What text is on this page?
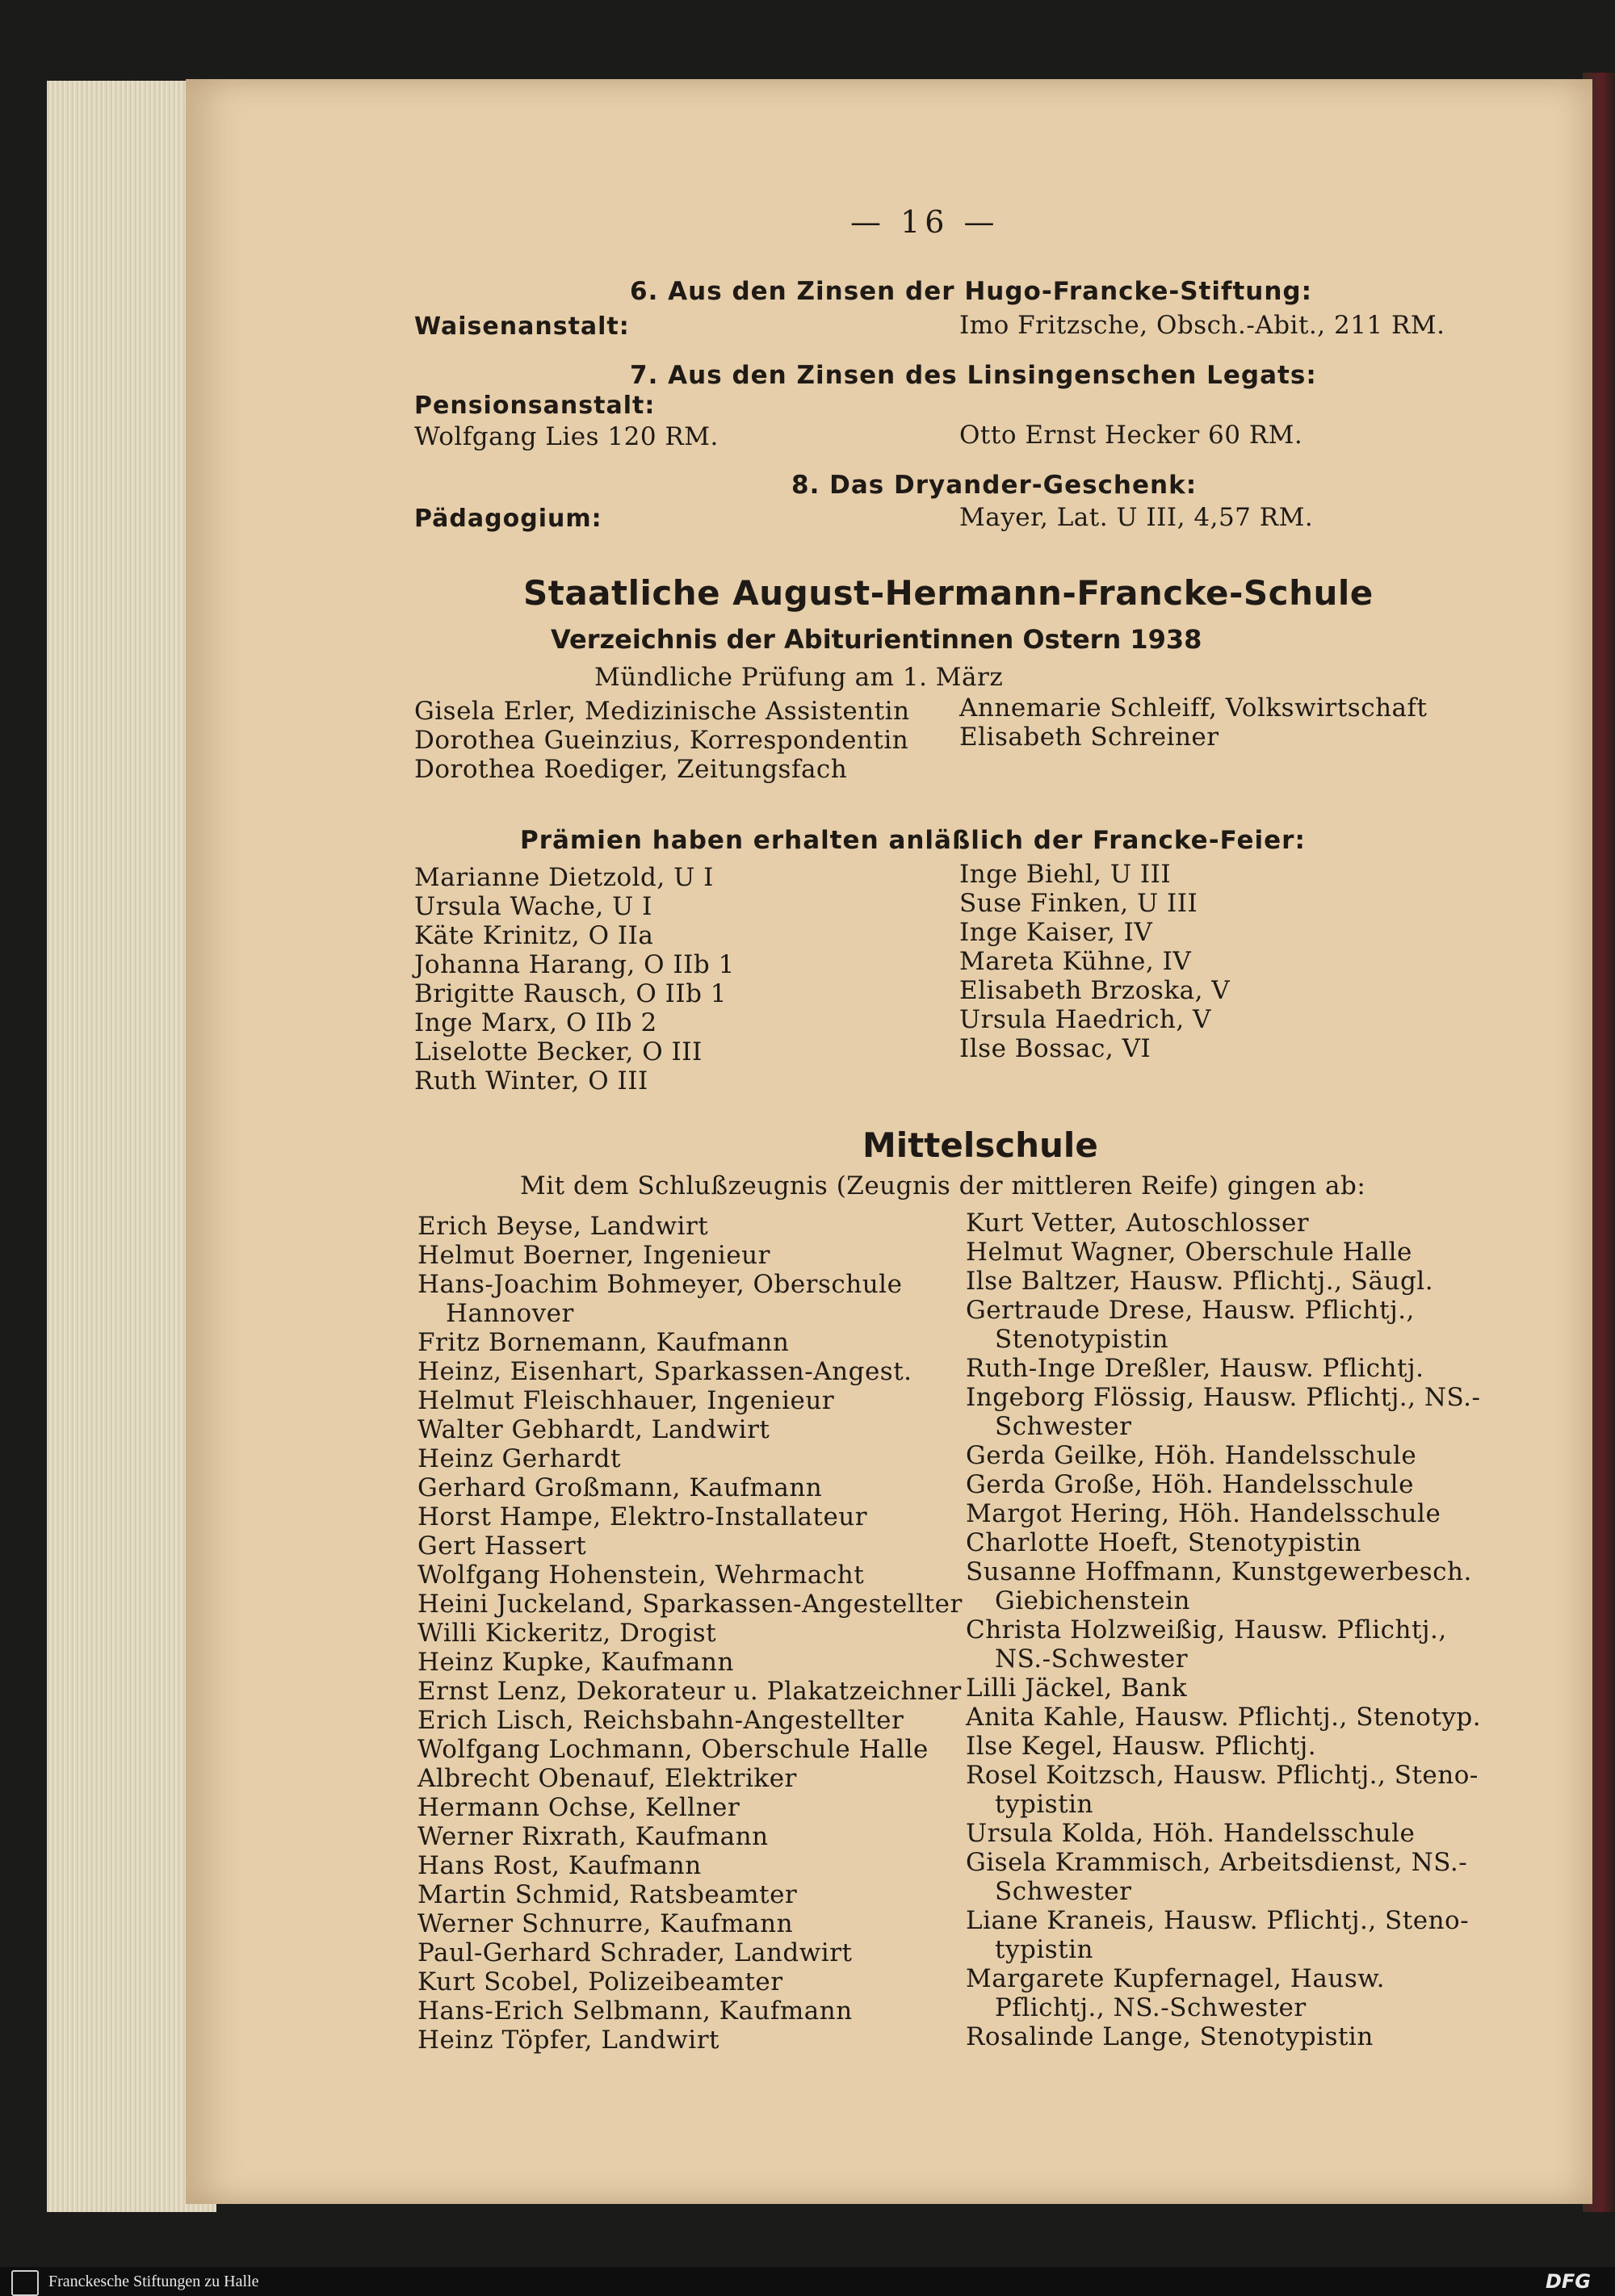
— 16 —
6. Aus den Zinsen der Hugo-Francke-Stiftung:
Waisenanstalt:	Imo Fritzsche, Obsch.-Abit., 211 RM.
7. Aus den Zinsen des Linsingenschen Legats:
Pensionsanstalt:
Wolfgang Lies 120 RM.	Otto Ernst Hecker 60 RM.
8. Das Dryander-Geschenk:
Pädagogium:	Mayer, Lat. U III, 4,57 RM.
Staatliche August-Hermann-Francke-Schule
Verzeichnis der Abiturientinnen Ostern 1938
Mündliche Prüfung am 1. März
Gisela Erler, Medizinische Assistentin
Dorothea Gueinzius, Korrespondentin
Dorothea Roediger, Zeitungsfach
Annemarie Schleiff, Volkswirtschaft
Elisabeth Schreiner
Prämien haben erhalten anläßlich der Francke-Feier:
Marianne Dietzold, U I
Ursula Wache, U I
Käte Krinitz, O IIa
Johanna Harang, O IIb 1
Brigitte Rausch, O IIb 1
Inge Marx, O IIb 2
Liselotte Becker, O III
Ruth Winter, O III
Inge Biehl, U III
Suse Finken, U III
Inge Kaiser, IV
Mareta Kühne, IV
Elisabeth Brzoska, V
Ursula Haedrich, V
Ilse Bossac, VI
Mittelschule
Mit dem Schlußzeugnis (Zeugnis der mittleren Reife) gingen ab:
Erich Beyse, Landwirt
Helmut Boerner, Ingenieur
Hans-Joachim Bohmeyer, Oberschule
Hannover
Fritz Bornemann, Kaufmann
Heinz, Eisenhart, Sparkassen-Angest.
Helmut Fleischhauer, Ingenieur
Walter Gebhardt, Landwirt
Heinz Gerhardt
Gerhard Großmann, Kaufmann
Horst Hampe, Elektro-Installateur
Gert Hassert
Wolfgang Hohenstein, Wehrmacht
Heini Juckeland, Sparkassen-Angestellter
Willi Kickeritz, Drogist
Heinz Kupke, Kaufmann
Ernst Lenz, Dekorateur u. Plakatzeichner
Erich Lisch, Reichsbahn-Angestellter
Wolfgang Lochmann, Oberschule Halle
Albrecht Obenauf, Elektriker
Hermann Ochse, Kellner
Werner Rixrath, Kaufmann
Hans Rost, Kaufmann
Martin Schmid, Ratsbeamter
Werner Schnurre, Kaufmann
Paul-Gerhard Schrader, Landwirt
Kurt Scobel, Polizeibeamter
Hans-Erich Selbmann, Kaufmann
Heinz Töpfer, Landwirt
Kurt Vetter, Autoschlosser
Helmut Wagner, Oberschule Halle
Ilse Baltzer, Hausw. Pflichtj., Säugl.
Gertraude Drese, Hausw. Pflichtj.,
Stenotypistin
Ruth-Inge Dreßler, Hausw. Pflichtj.
Ingeborg Flössig, Hausw. Pflichtj., NS.-
Schwester
Gerda Geilke, Höh. Handelsschule
Gerda Große, Höh. Handelsschule
Margot Hering, Höh. Handelsschule
Charlotte Hoeft, Stenotypistin
Susanne Hoffmann, Kunstgewerbesch.
Giebichenstein
Christa Holzweißig, Hausw. Pflichtj.,
NS.-Schwester
Lilli Jäckel, Bank
Anita Kahle, Hausw. Pflichtj., Stenotyp.
Ilse Kegel, Hausw. Pflichtj.
Rosel Koitzsch, Hausw. Pflichtj., Steno-
typistin
Ursula Kolda, Höh. Handelsschule
Gisela Krammisch, Arbeitsdienst, NS.-
Schwester
Liane Kraneis, Hausw. Pflichtj., Steno-
typistin
Margarete Kupfernagel, Hausw.
Pflichtj., NS.-Schwester
Rosalinde Lange, Stenotypistin
Franckesche Stiftungen zu Halle	DFG
